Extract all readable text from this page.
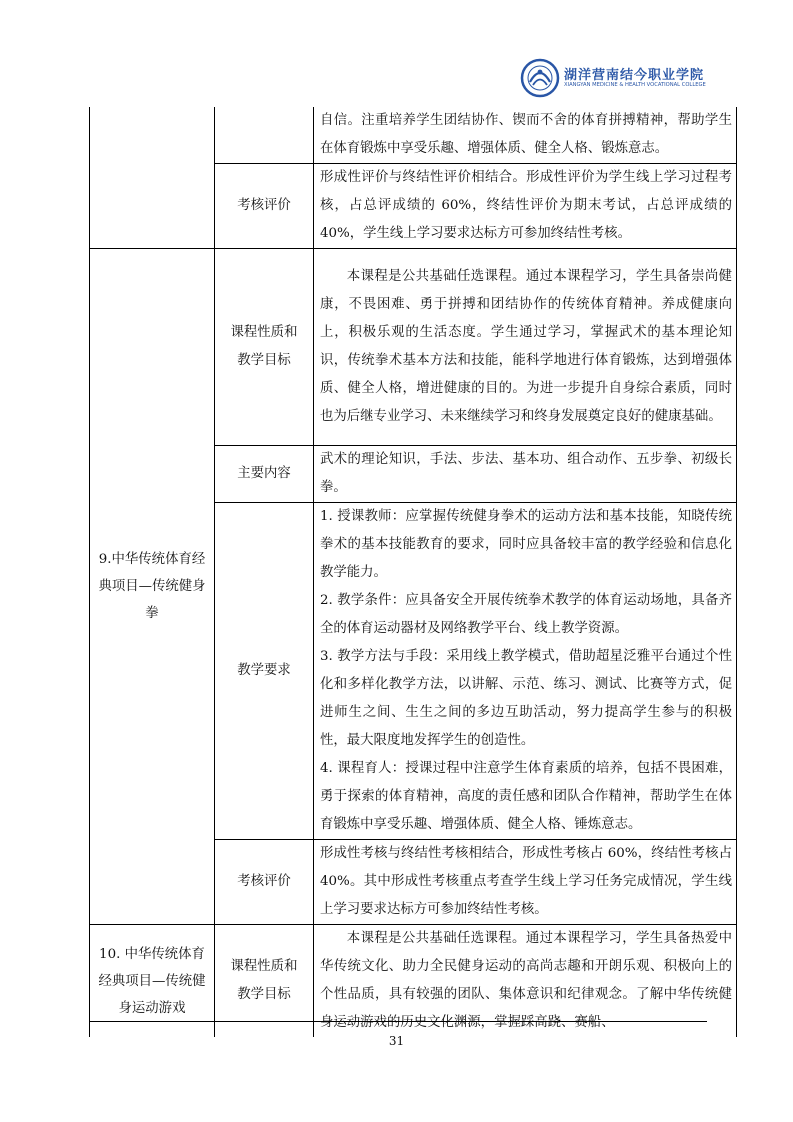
湖洋营南结今职业学院
XIANGYAN MEDICINE & HEALTH VOCATIONAL COLLEGE

		自信。注重培养学生团结协作、锲而不舍的体育拼搏精神，帮助学生在体育锻炼中享受乐趣、增强体质、健全人格、锻炼意志。

	考核评价	形成性评价与终结性评价相结合。形成性评价为学生线上学习过程考核，占总评成绩的 60%，终结性评价为期末考试，占总评成绩的 40%，学生线上学习要求达标方可参加终结性考核。

9.中华传统体育经典项目—传统健身拳	课程性质和教学目标	本课程是公共基础任选课程。通过本课程学习，学生具备崇尚健康，不畏困难、勇于拼搏和团结协作的传统体育精神。养成健康向上，积极乐观的生活态度。学生通过学习，掌握武术的基本理论知识，传统拳术基本方法和技能，能科学地进行体育锻炼，达到增强体质、健全人格，增进健康的目的。为进一步提升自身综合素质，同时也为后继专业学习、未来继续学习和终身发展奠定良好的健康基础。

	主要内容	武术的理论知识，手法、步法、基本功、组合动作、五步拳、初级长拳。

	教学要求	1. 授课教师：应掌握传统健身拳术的运动方法和基本技能，知晓传统拳术的基本技能教育的要求，同时应具备较丰富的教学经验和信息化教学能力。

2. 教学条件：应具备安全开展传统拳术教学的体育运动场地，具备齐全的体育运动器材及网络教学平台、线上教学资源。

3. 教学方法与手段：采用线上教学模式，借助超星泛雅平台通过个性化和多样化教学方法，以讲解、示范、练习、测试、比赛等方式，促进师生之间、生生之间的多边互助活动，努力提高学生参与的积极性，最大限度地发挥学生的创造性。

4. 课程育人：授课过程中注意学生体育素质的培养，包括不畏困难，勇于探索的体育精神，高度的责任感和团队合作精神，帮助学生在体育锻炼中享受乐趣、增强体质、健全人格、锤炼意志。

	考核评价	形成性考核与终结性考核相结合，形成性考核占 60%，终结性考核占 40%。其中形成性考核重点考查学生线上学习任务完成情况，学生线上学习要求达标方可参加终结性考核。

10. 中华传统体育经典项目—传统健身运动游戏	课程性质和教学目标	本课程是公共基础任选课程。通过本课程学习，学生具备热爱中华传统文化、助力全民健身运动的高尚志趣和开朗乐观、积极向上的个性品质，具有较强的团队、集体意识和纪律观念。了解中华传统健身运动游戏的历史文化渊源，掌握踩高跷、赛船、

31
